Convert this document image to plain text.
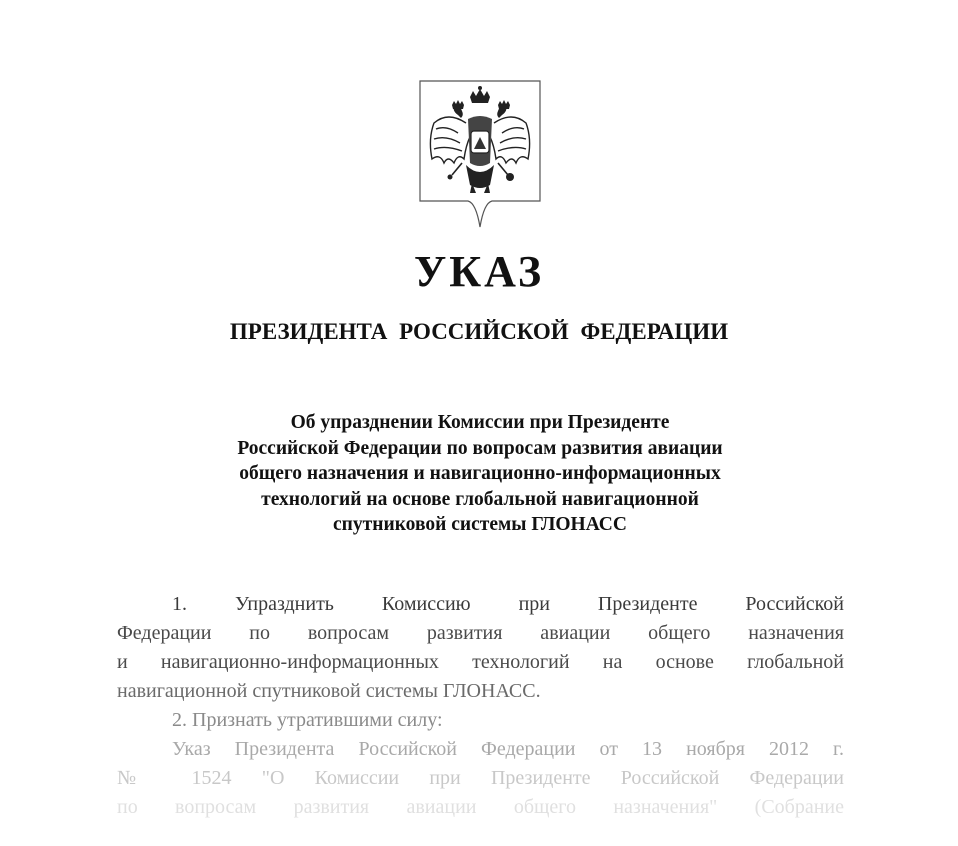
УКАЗ
ПРЕЗИДЕНТА РОССИЙСКОЙ ФЕДЕРАЦИИ
Об упразднении Комиссии при Президенте
Российской Федерации по вопросам развития авиации
общего назначения и навигационно-информационных
технологий на основе глобальной навигационной
спутниковой системы ГЛОНАСС
1. Упразднить Комиссию при Президенте Российской
Федерации по вопросам развития авиации общего назначения
и навигационно-информационных технологий на основе глобальной
навигационной спутниковой системы ГЛОНАСС.
2. Признать утратившими силу:
Указ Президента Российской Федерации от 13 ноября 2012 г.
№ 1524 "О Комиссии при Президенте Российской Федерации
по вопросам развития авиации общего назначения" (Собрание
